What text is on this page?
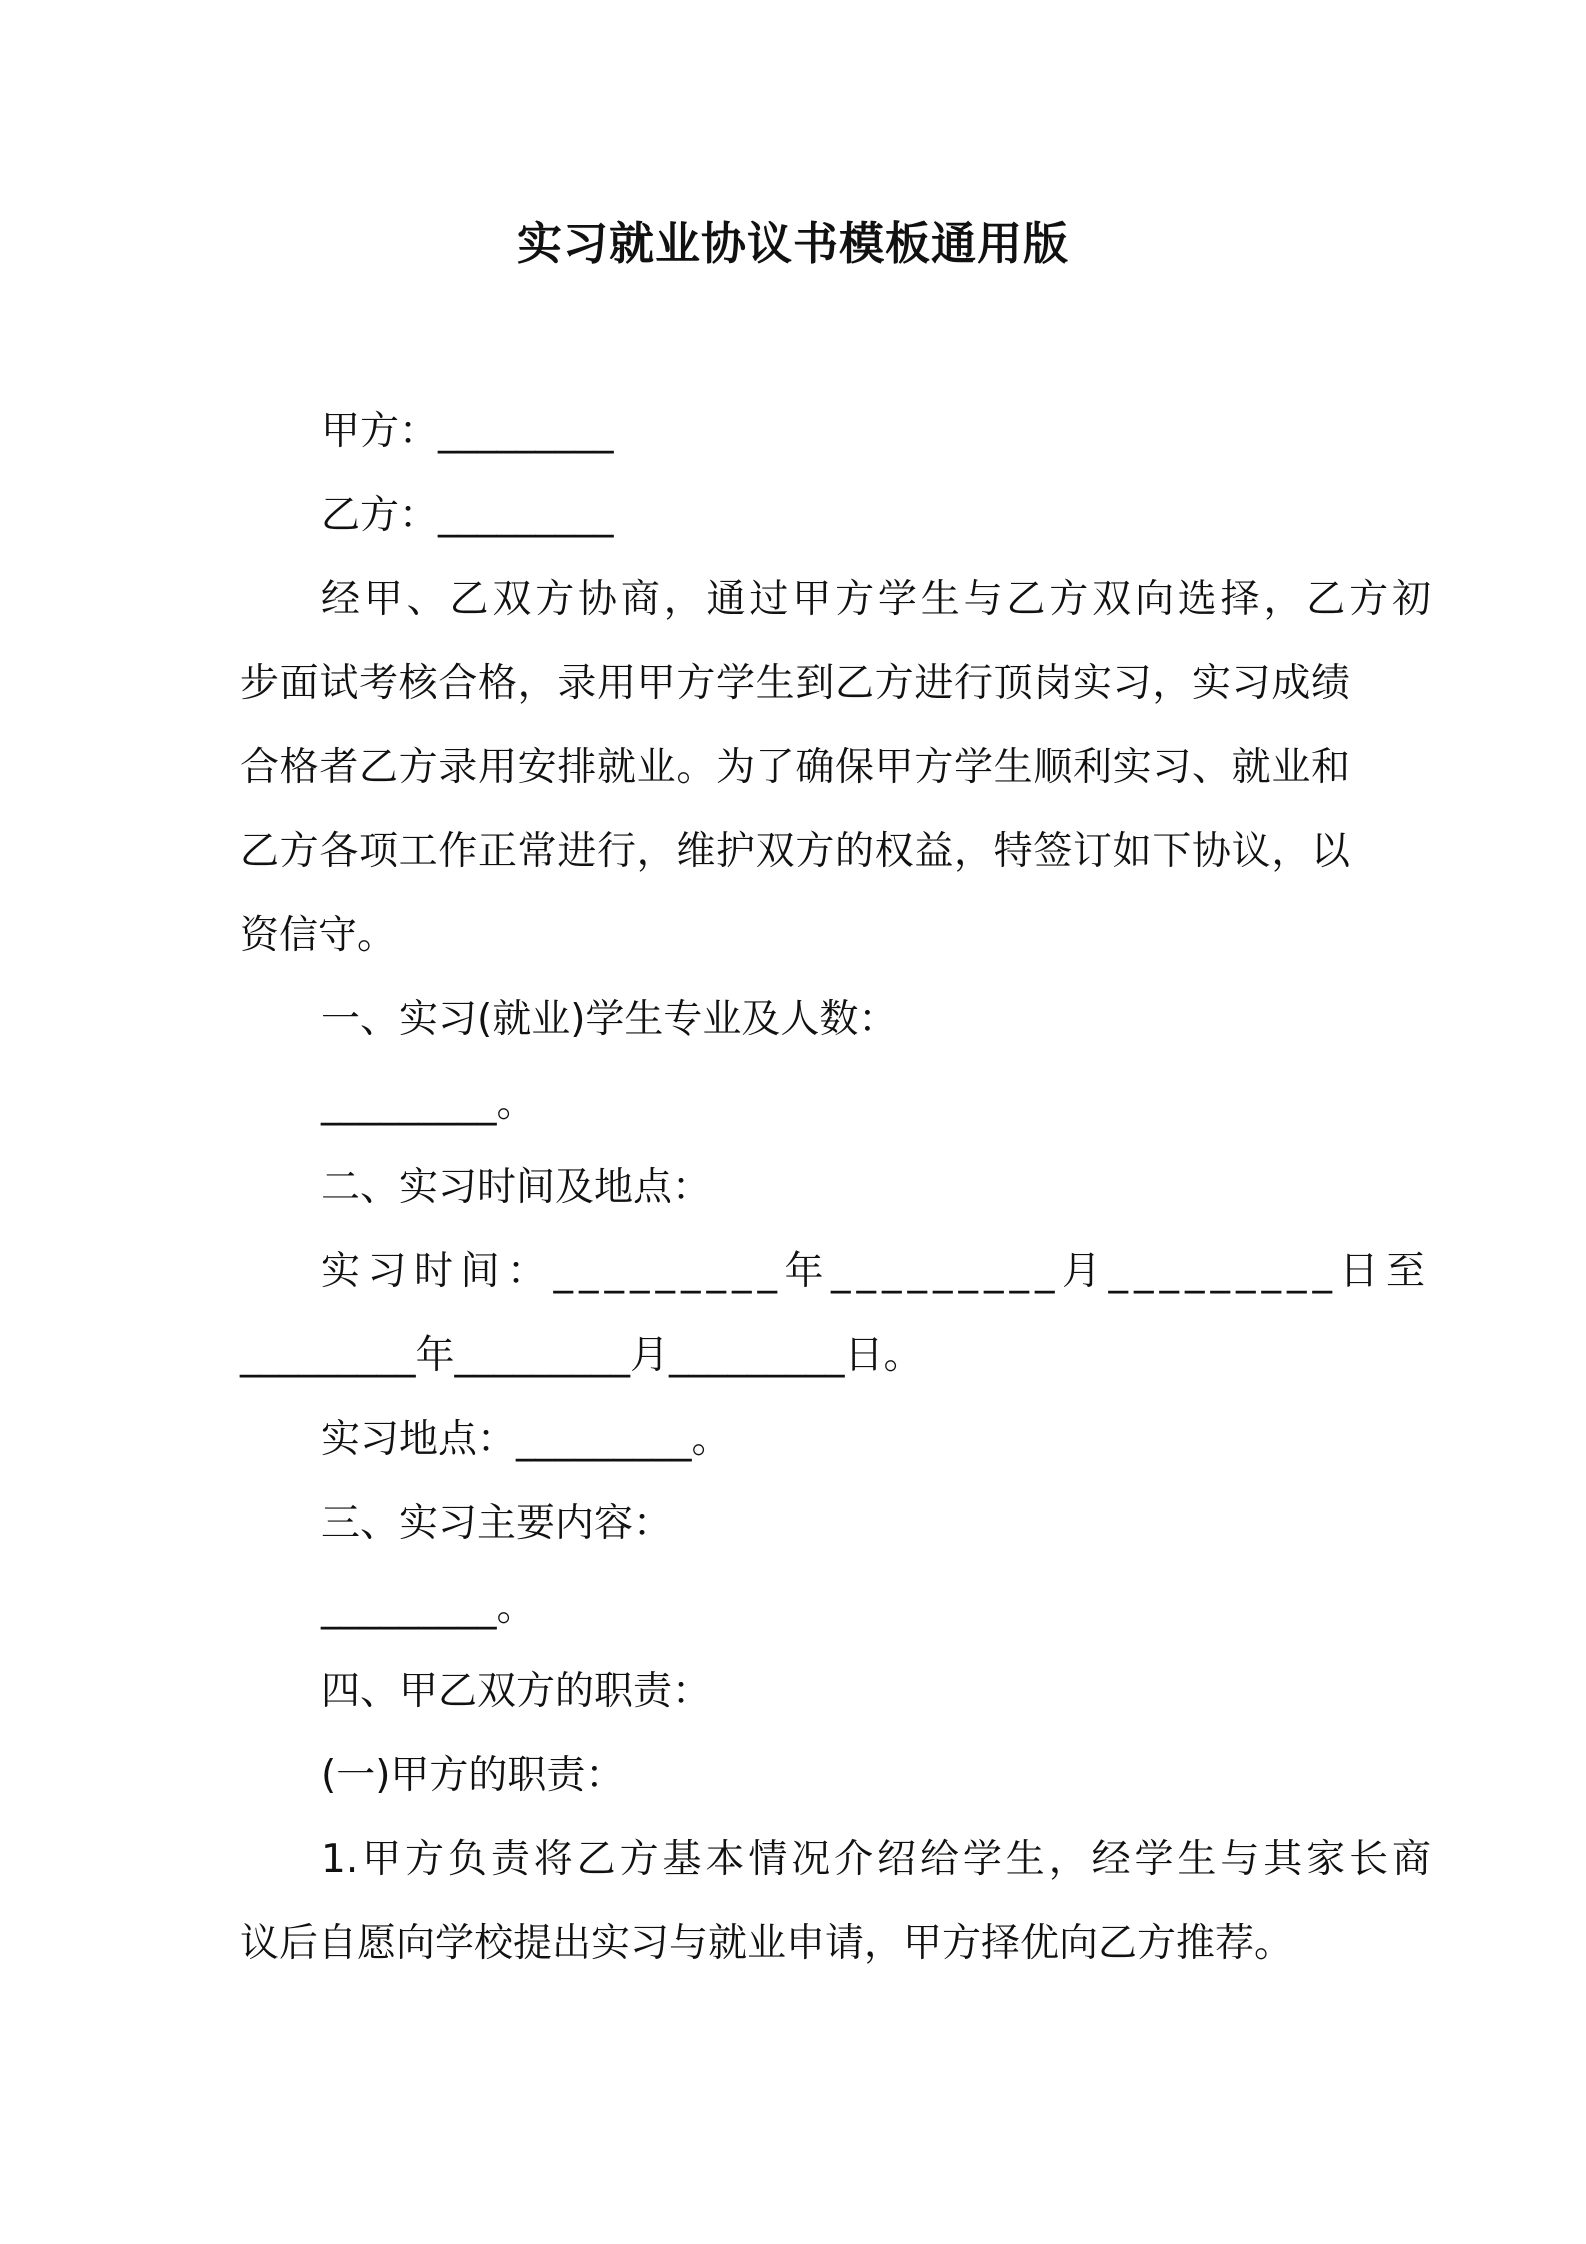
实习就业协议书模板通用版
甲方：_________
乙方：_________
经甲、乙双方协商，通过甲方学生与乙方双向选择，乙方初
步面试考核合格，录用甲方学生到乙方进行顶岗实习，实习成绩
合格者乙方录用安排就业。为了确保甲方学生顺利实习、就业和
乙方各项工作正常进行，维护双方的权益，特签订如下协议，以
资信守。
一、实习(就业)学生专业及人数：
_________。
二、实习时间及地点：
实习时间：_________年_________月_________日至
_________年_________月_________日。
实习地点：_________。
三、实习主要内容：
_________。
四、甲乙双方的职责：
(一)甲方的职责：
1.甲方负责将乙方基本情况介绍给学生，经学生与其家长商
议后自愿向学校提出实习与就业申请，甲方择优向乙方推荐。
